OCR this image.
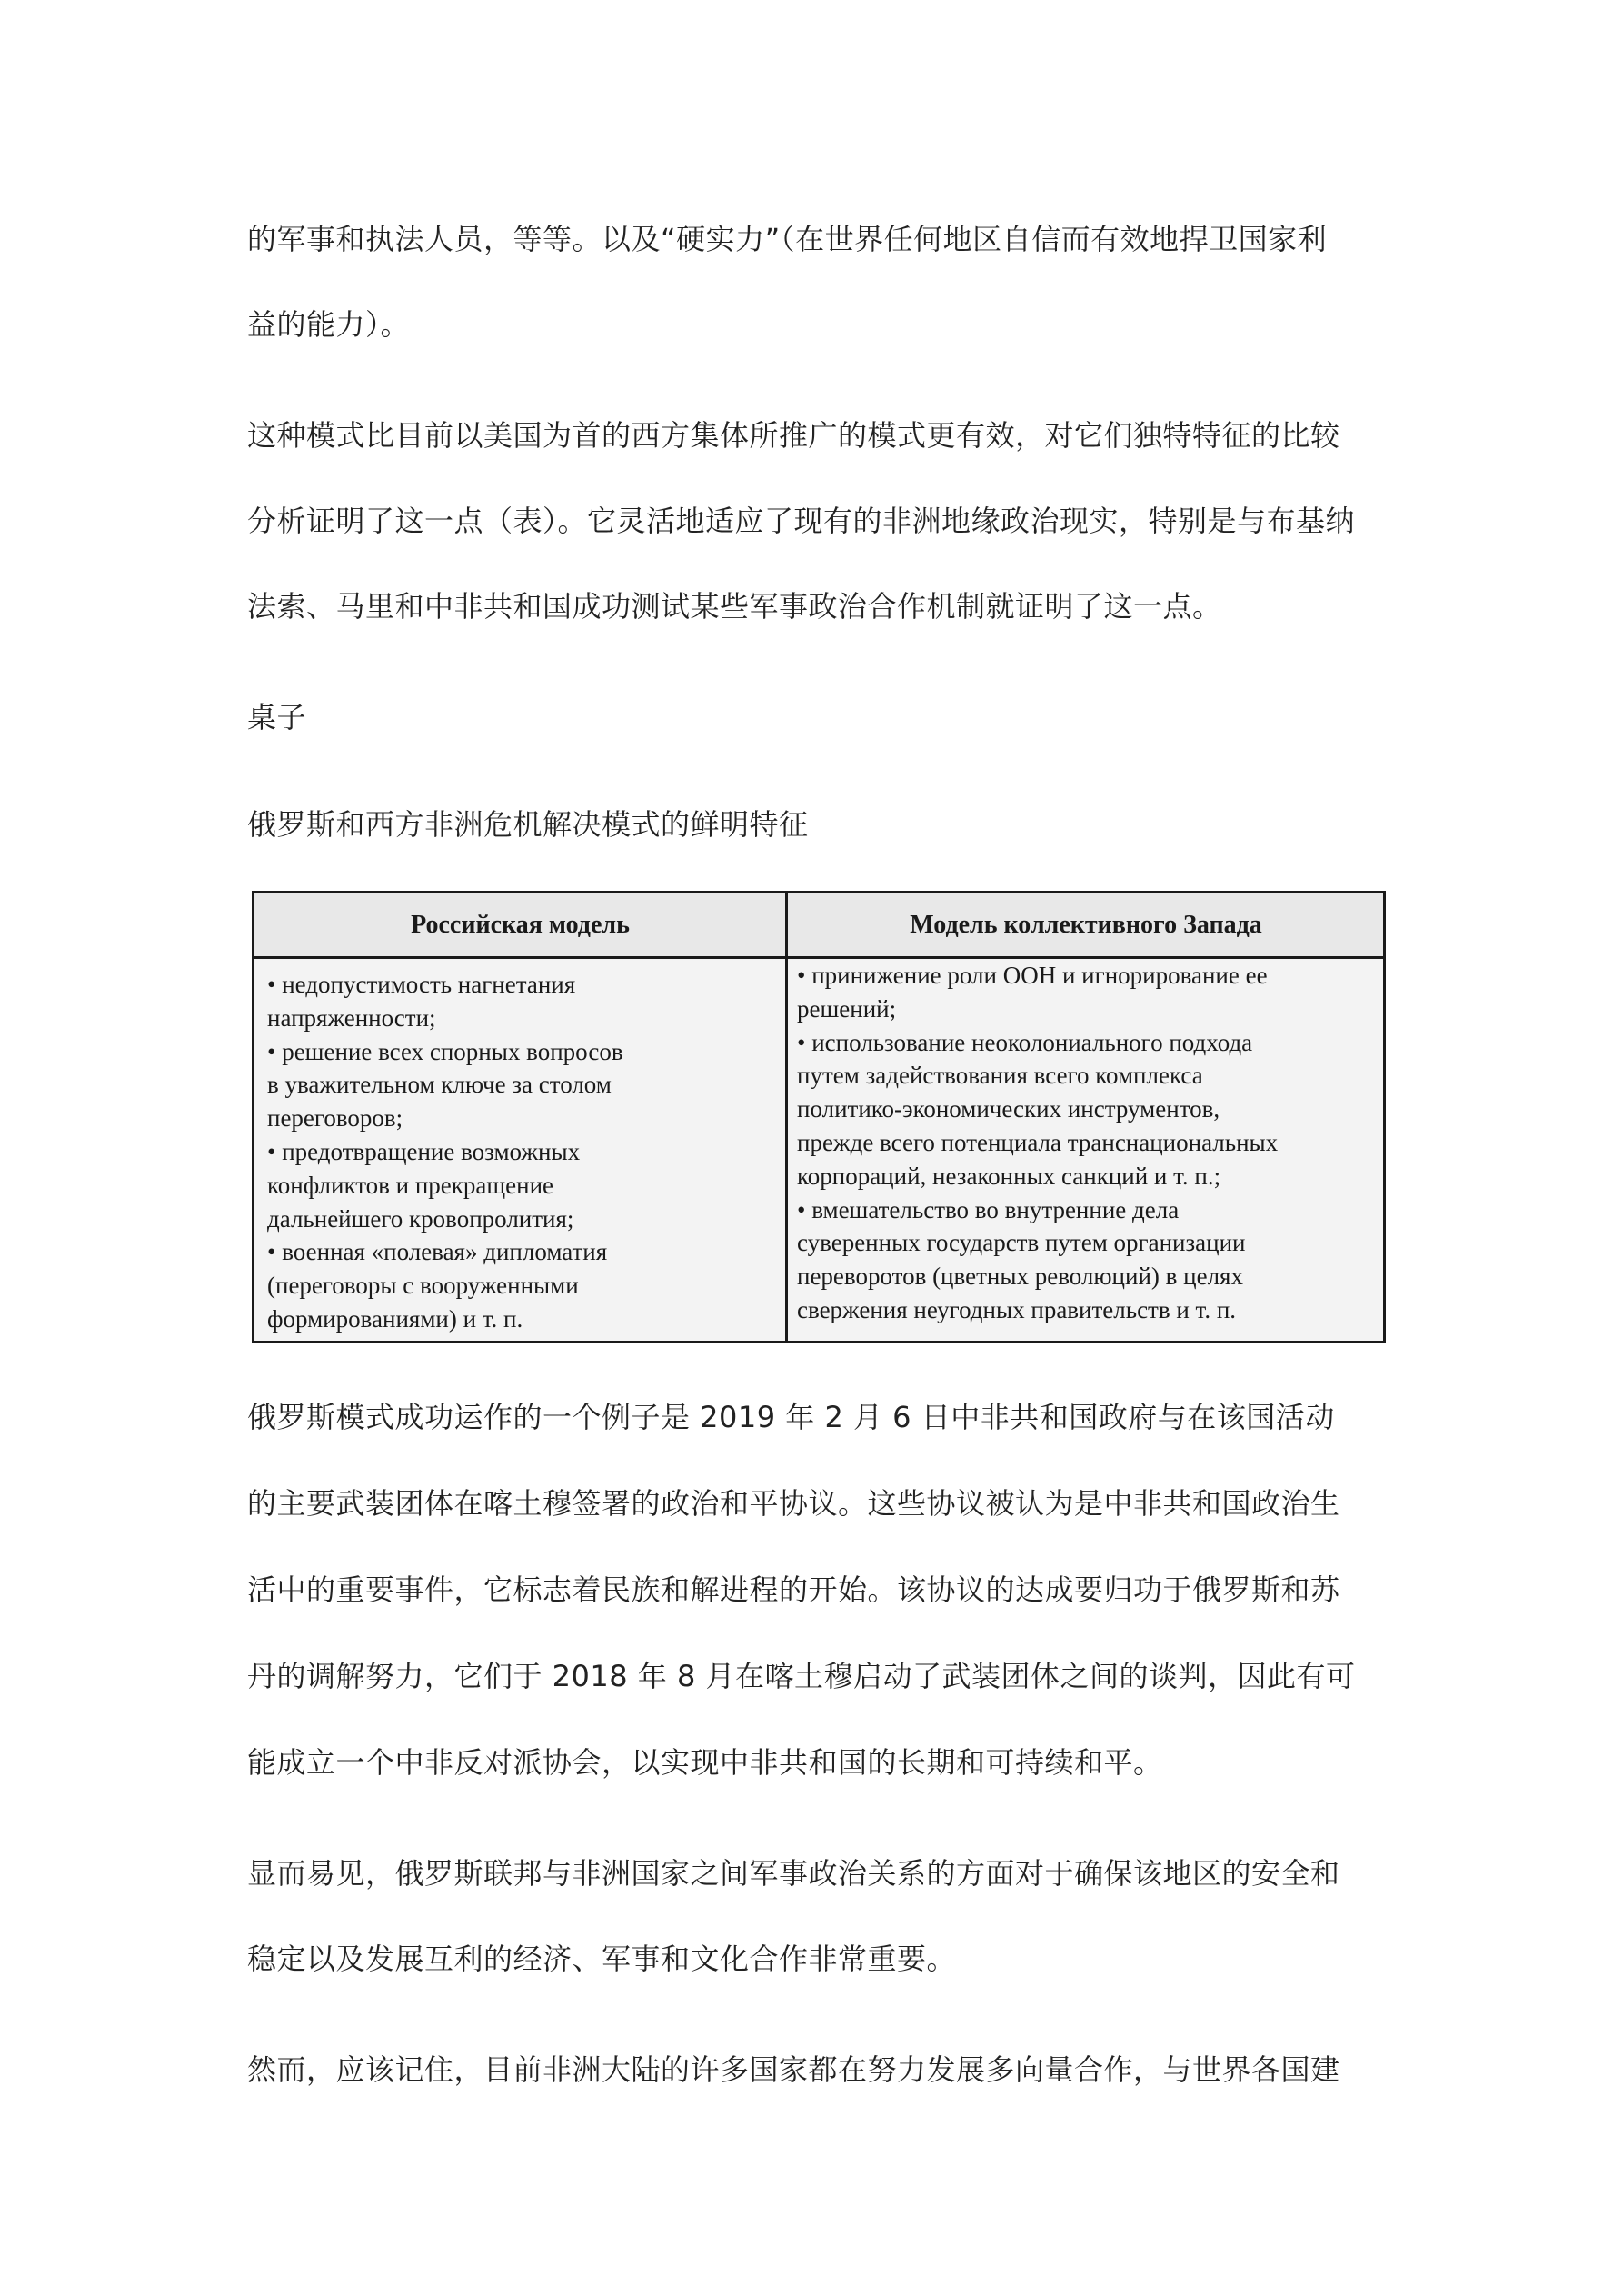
的军事和执法人员，等等。以及“硬实力”（在世界任何地区自信而有效地捍卫国家利

益的能力）。

这种模式比目前以美国为首的西方集体所推广的模式更有效，对它们独特特征的比较

分析证明了这一点（表）。它灵活地适应了现有的非洲地缘政治现实，特别是与布基纳

法索、马里和中非共和国成功测试某些军事政治合作机制就证明了这一点。

桌子

俄罗斯和西方非洲危机解决模式的鲜明特征

Российская модель	Модель коллективного Запада
• недопустимость нагнетания
напряженности;
• решение всех спорных вопросов
в уважительном ключе за столом
переговоров;
• предотвращение возможных
конфликтов и прекращение
дальнейшего кровопролития;
• военная «полевая» дипломатия
(переговоры с вооруженными
формированиями) и т. п.
• принижение роли ООН и игнорирование ее
решений;
• использование неоколониального подхода
путем задействования всего комплекса
политико-экономических инструментов,
прежде всего потенциала транснациональных
корпораций, незаконных санкций и т. п.;
• вмешательство во внутренние дела
суверенных государств путем организации
переворотов (цветных революций) в целях
свержения неугодных правительств и т. п.

俄罗斯模式成功运作的一个例子是 2019 年 2 月 6 日中非共和国政府与在该国活动

的主要武装团体在喀土穆签署的政治和平协议。这些协议被认为是中非共和国政治生

活中的重要事件，它标志着民族和解进程的开始。该协议的达成要归功于俄罗斯和苏

丹的调解努力，它们于 2018 年 8 月在喀土穆启动了武装团体之间的谈判，因此有可

能成立一个中非反对派协会，以实现中非共和国的长期和可持续和平。

显而易见，俄罗斯联邦与非洲国家之间军事政治关系的方面对于确保该地区的安全和

稳定以及发展互利的经济、军事和文化合作非常重要。

然而，应该记住，目前非洲大陆的许多国家都在努力发展多向量合作，与世界各国建
